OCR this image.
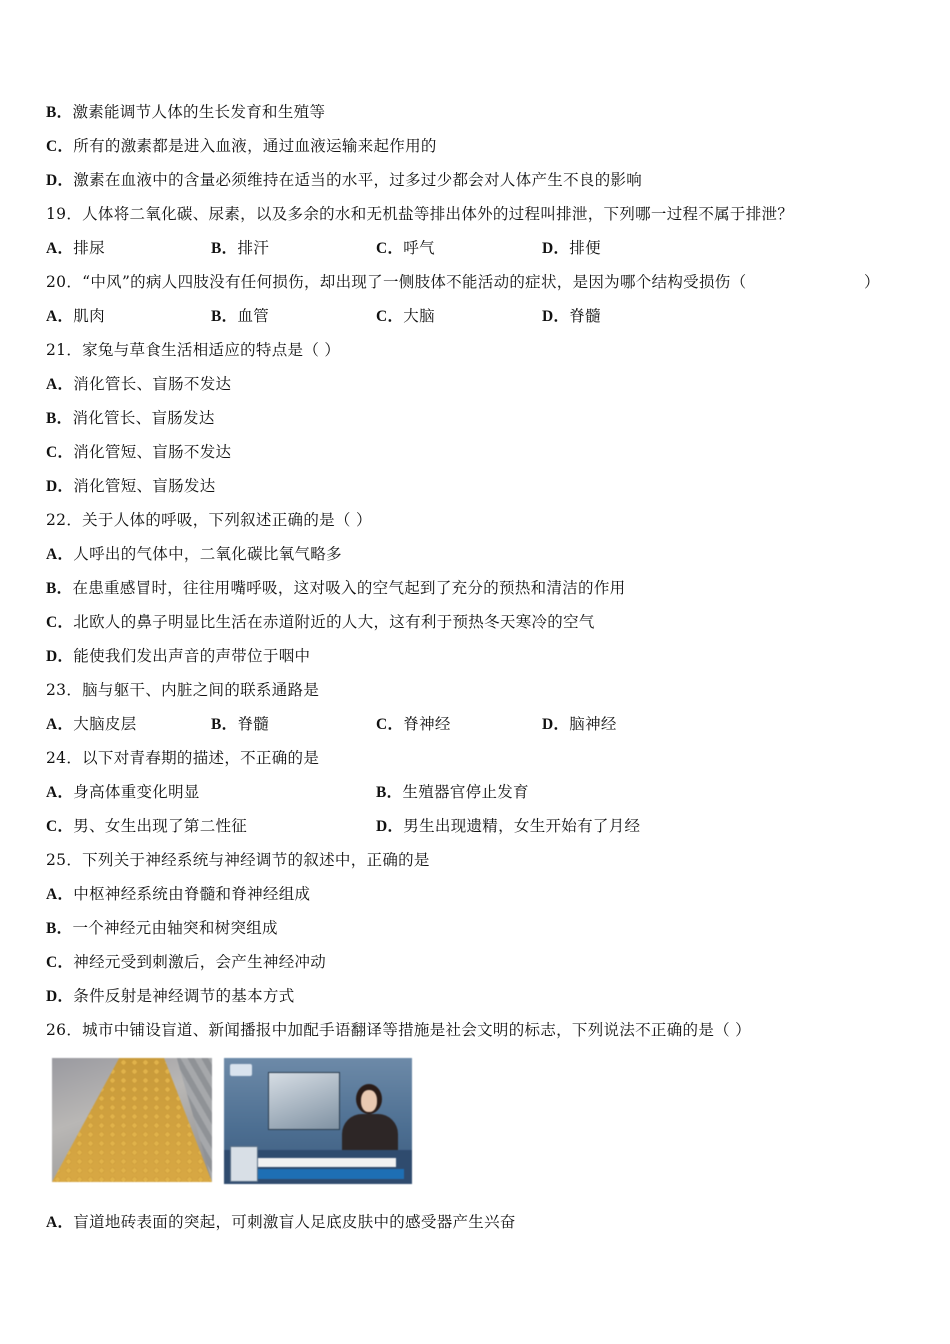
B．激素能调节人体的生长发育和生殖等
C．所有的激素都是进入血液，通过血液运输来起作用的
D．激素在血液中的含量必须维持在适当的水平，过多过少都会对人体产生不良的影响
19．人体将二氧化碳、尿素，以及多余的水和无机盐等排出体外的过程叫排泄，下列哪一过程不属于排泄？
A．排尿	B．排汗	C．呼气	D．排便
20．“中风”的病人四肢没有任何损伤，却出现了一侧肢体不能活动的症状，是因为哪个结构受损伤（	）
A．肌肉	B．血管	C．大脑	D．脊髓
21．家兔与草食生活相适应的特点是（ ）
A．消化管长、盲肠不发达
B．消化管长、盲肠发达
C．消化管短、盲肠不发达
D．消化管短、盲肠发达
22．关于人体的呼吸，下列叙述正确的是（ ）
A．人呼出的气体中，二氧化碳比氧气略多
B．在患重感冒时，往往用嘴呼吸，这对吸入的空气起到了充分的预热和清洁的作用
C．北欧人的鼻子明显比生活在赤道附近的人大，这有利于预热冬天寒冷的空气
D．能使我们发出声音的声带位于咽中
23．脑与躯干、内脏之间的联系通路是
A．大脑皮层	B．脊髓	C．脊神经	D．脑神经
24．以下对青春期的描述，不正确的是
A．身高体重变化明显	B．生殖器官停止发育
C．男、女生出现了第二性征	D．男生出现遗精，女生开始有了月经
25．下列关于神经系统与神经调节的叙述中，正确的是
A．中枢神经系统由脊髓和脊神经组成
B．一个神经元由轴突和树突组成
C．神经元受到刺激后，会产生神经冲动
D．条件反射是神经调节的基本方式
26．城市中铺设盲道、新闻播报中加配手语翻译等措施是社会文明的标志，下列说法不正确的是（ ）
A．盲道地砖表面的突起，可刺激盲人足底皮肤中的感受器产生兴奋
